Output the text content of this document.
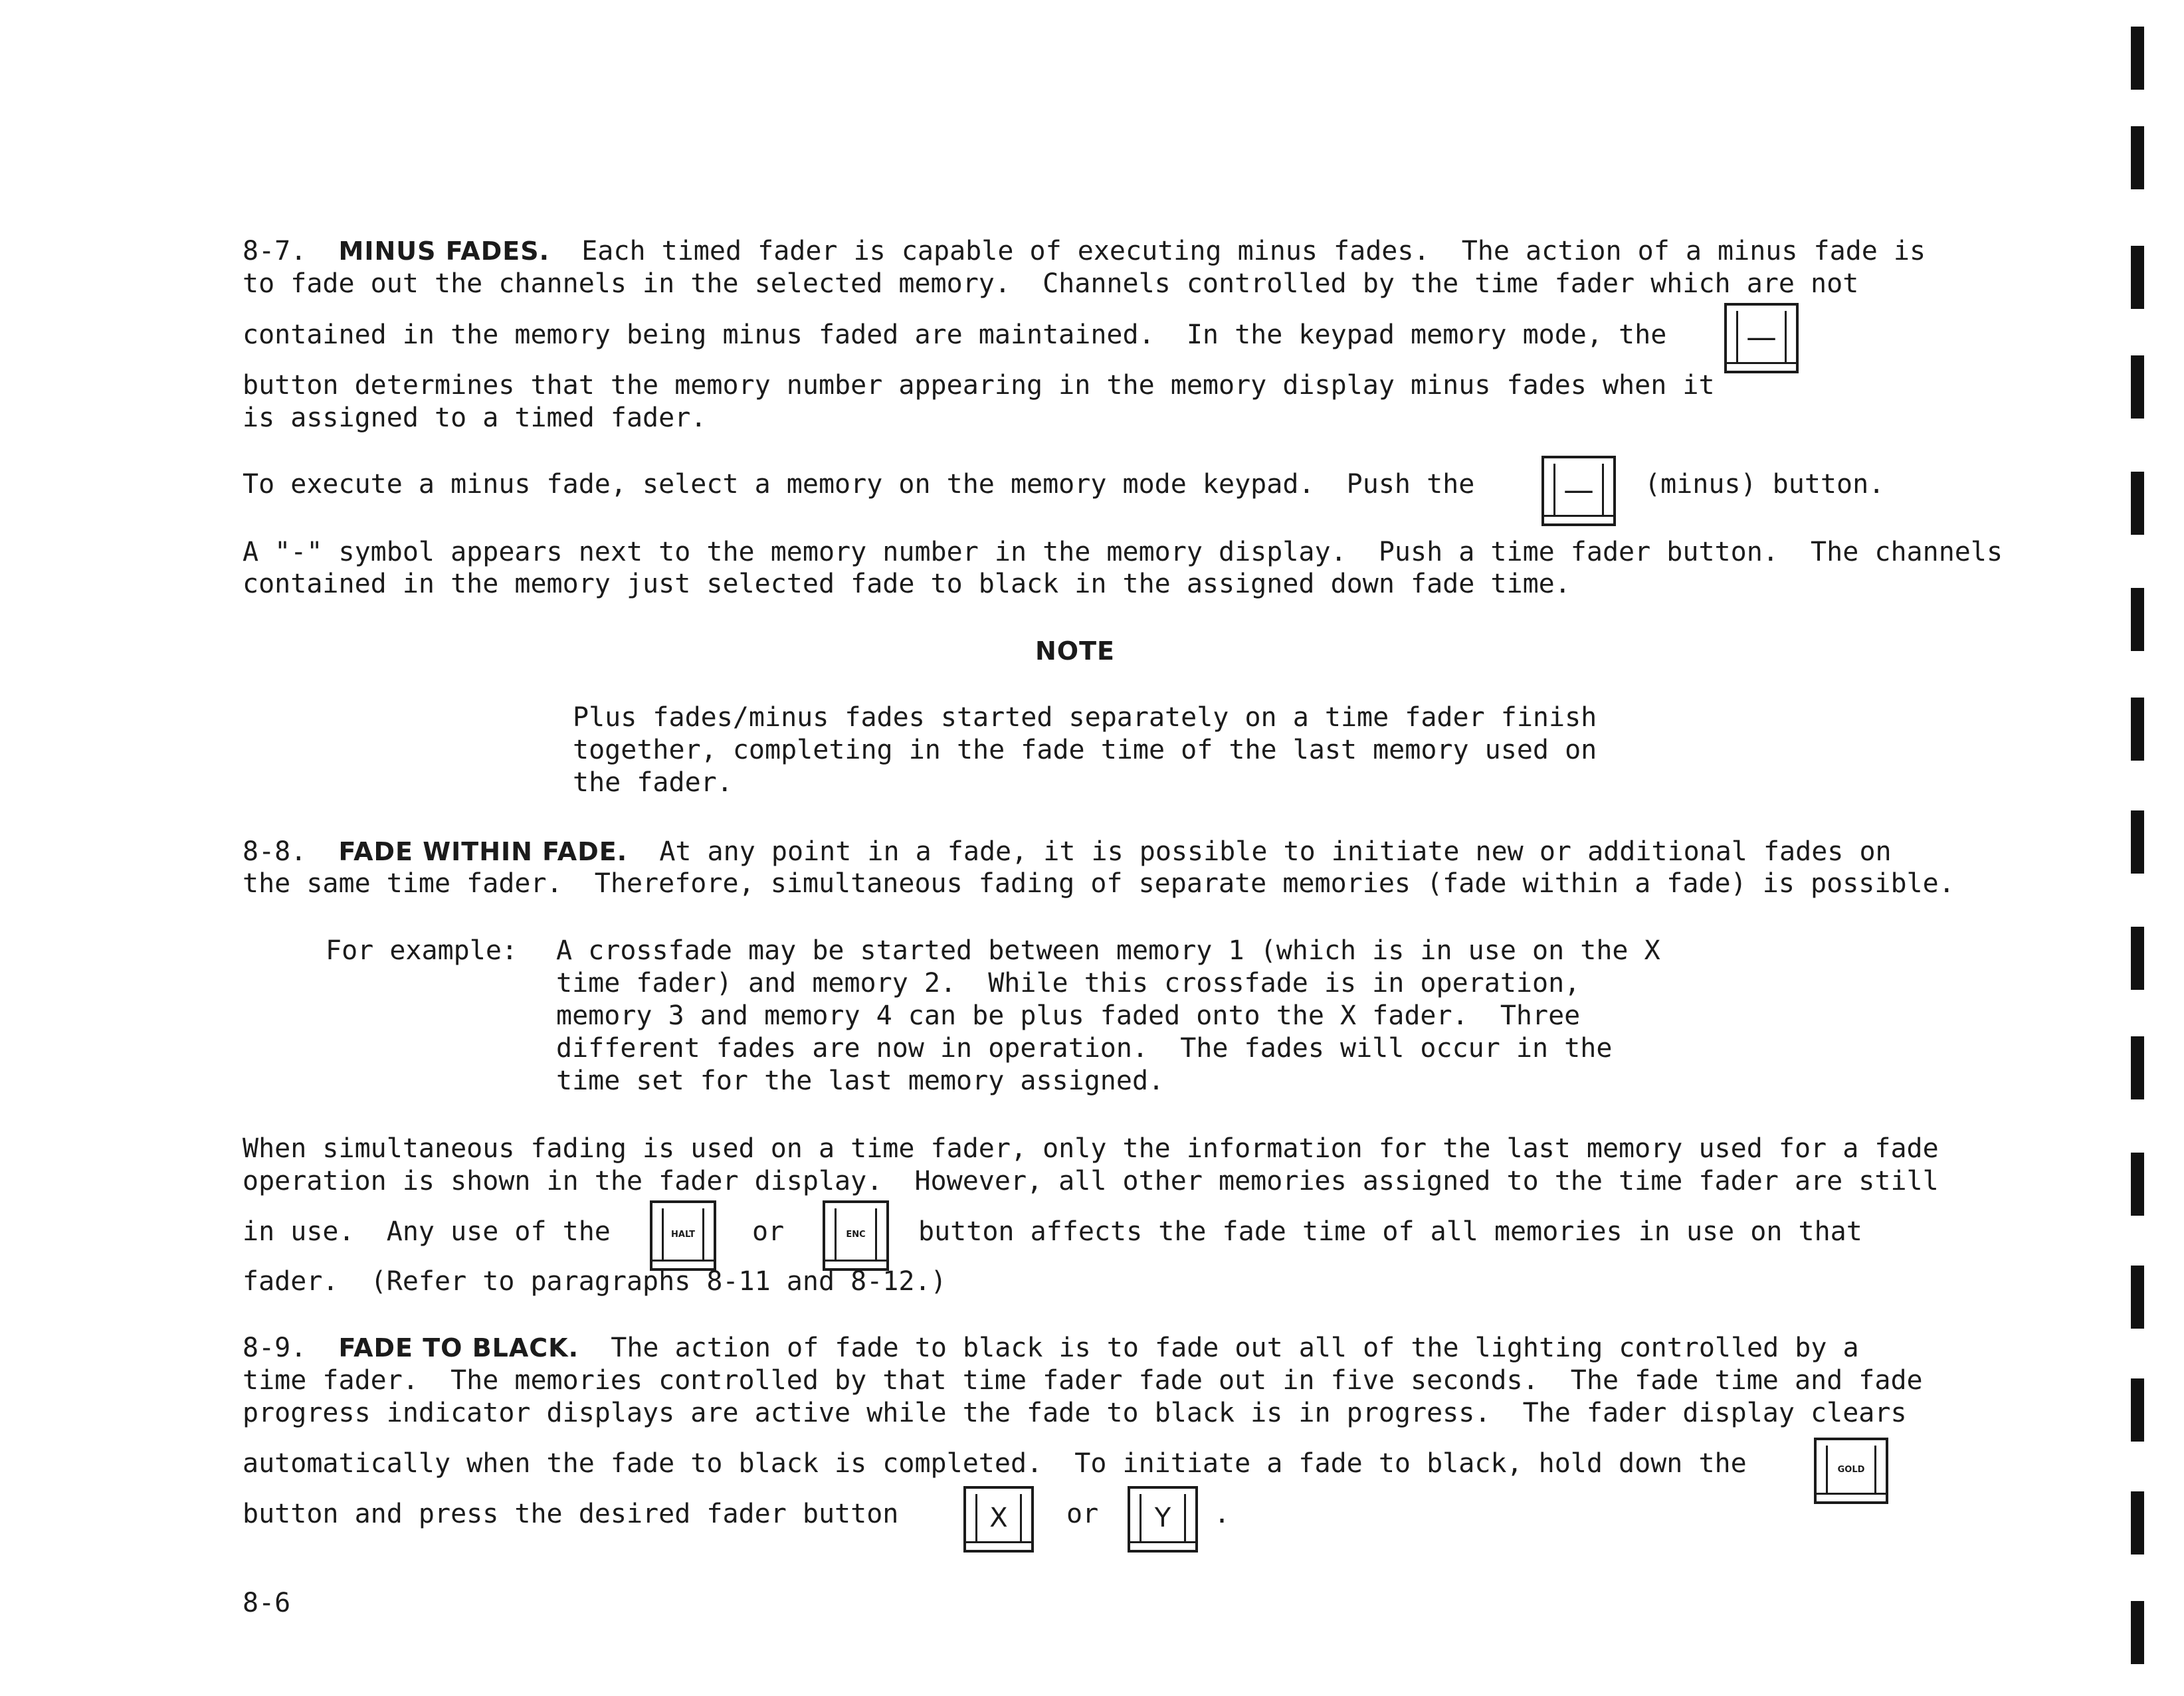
8-7. MINUS FADES. Each timed fader is capable of executing minus fades.  The action of a minus fade is
to fade out the channels in the selected memory.  Channels controlled by the time fader which are not
contained in the memory being minus faded are maintained.  In the keypad memory mode, the	—
button determines that the memory number appearing in the memory display minus fades when it
is assigned to a timed fader.
To execute a minus fade, select a memory on the memory mode keypad.  Push the	— (minus) button.
A "-" symbol appears next to the memory number in the memory display.  Push a time fader button.  The channels
contained in the memory just selected fade to black in the assigned down fade time.
NOTE
Plus fades/minus fades started separately on a time fader finish
together, completing in the fade time of the last memory used on
the fader.
8-8. FADE WITHIN FADE. At any point in a fade, it is possible to initiate new or additional fades on
the same time fader.  Therefore, simultaneous fading of separate memories (fade within a fade) is possible.
For example: A crossfade may be started between memory 1 (which is in use on the X
time fader) and memory 2.  While this crossfade is in operation,
memory 3 and memory 4 can be plus faded onto the X fader.  Three
different fades are now in operation.  The fades will occur in the
time set for the last memory assigned.
When simultaneous fading is used on a time fader, only the information for the last memory used for a fade
operation is shown in the fader display.  However, all other memories assigned to the time fader are still
in use.  Any use of the	HALT or	ENC button affects the fade time of all memories in use on that
fader.  (Refer to paragraphs 8-11 and 8-12.)
8-9. FADE TO BLACK. The action of fade to black is to fade out all of the lighting controlled by a
time fader.  The memories controlled by that time fader fade out in five seconds.  The fade time and fade
progress indicator displays are active while the fade to black is in progress.  The fader display clears
automatically when the fade to black is completed.  To initiate a fade to black, hold down the	GOLD
button and press the desired fader button	X or Y .
8-6
